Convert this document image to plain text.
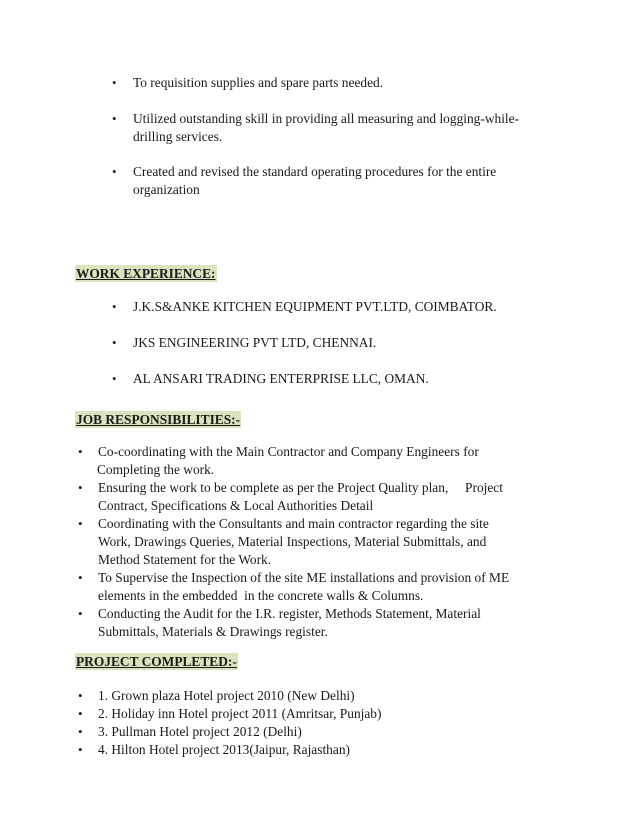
• To requisition supplies and spare parts needed.
• Utilized outstanding skill in providing all measuring and logging-while-
drilling services.
• Created and revised the standard operating procedures for the entire
organization
WORK EXPERIENCE:
• J.K.S&ANKE KITCHEN EQUIPMENT PVT.LTD, COIMBATOR.
• JKS ENGINEERING PVT LTD, CHENNAI.
• AL ANSARI TRADING ENTERPRISE LLC, OMAN.
JOB RESPONSIBILITIES:-
• Co-coordinating with the Main Contractor and Company Engineers for
Completing the work.
• Ensuring the work to be complete as per the Project Quality plan,     Project
Contract, Specifications & Local Authorities Detail
• Coordinating with the Consultants and main contractor regarding the site
Work, Drawings Queries, Material Inspections, Material Submittals, and
Method Statement for the Work.
• To Supervise the Inspection of the site ME installations and provision of ME
elements in the embedded  in the concrete walls & Columns.
• Conducting the Audit for the I.R. register, Methods Statement, Material
Submittals, Materials & Drawings register.
PROJECT COMPLETED:-
• 1. Grown plaza Hotel project 2010 (New Delhi)
• 2. Holiday inn Hotel project 2011 (Amritsar, Punjab)
• 3. Pullman Hotel project 2012 (Delhi)
• 4. Hilton Hotel project 2013(Jaipur, Rajasthan)
